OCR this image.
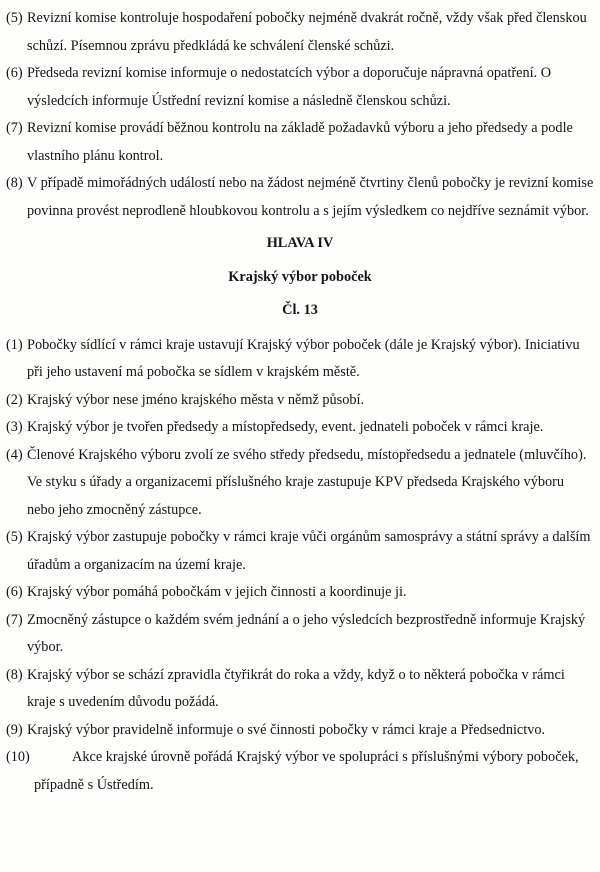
(5) Revizní komise kontroluje hospodaření pobočky nejméně dvakrát ročně, vždy však před členskou schůzí. Písemnou zprávu předkládá ke schválení členské schůzi.
(6) Předseda revizní komise informuje o nedostatcích výbor a doporučuje nápravná opatření. O výsledcích informuje Ústřední revizní komise a následně členskou schůzi.
(7) Revizní komise provádí běžnou kontrolu na základě požadavků výboru a jeho předsedy a podle vlastního plánu kontrol.
(8) V případě mimořádných událostí nebo na žádost nejméně čtvrtiny členů pobočky je revizní komise povinna provést neprodleně hloubkovou kontrolu a s jejím výsledkem co nejdříve seznámit výbor.
HLAVA IV
Krajský výbor poboček
Čl. 13
(1) Pobočky sídlící v rámci kraje ustavují Krajský výbor poboček (dále je Krajský výbor). Iniciativu při jeho ustavení má pobočka se sídlem v krajském městě.
(2) Krajský výbor nese jméno krajského města v němž působí.
(3) Krajský výbor je tvořen předsedy a místopředsedy, event. jednateli poboček v rámci kraje.
(4) Členové Krajského výboru zvolí ze svého středy předsedu, místopředsedu a jednatele (mluvčího). Ve styku s úřady a organizacemi příslušného kraje zastupuje KPV předseda Krajského výboru nebo jeho zmocněný zástupce.
(5) Krajský výbor zastupuje pobočky v rámci kraje vůči orgánům samosprávy a státní správy a dalším úřadům a organizacím na území kraje.
(6) Krajský výbor pomáhá pobočkám v jejich činnosti a koordinuje ji.
(7) Zmocněný zástupce o každém svém jednání a o jeho výsledcích bezprostředně informuje Krajský výbor.
(8) Krajský výbor se schází zpravidla čtyřikrát do roka a vždy, když o to některá pobočka v rámci kraje s uvedením důvodu požádá.
(9) Krajský výbor pravidelně informuje o své činnosti pobočky v rámci kraje a Předsednictvo.
(10)	Akce krajské úrovně pořádá Krajský výbor ve spolupráci s příslušnými výbory poboček, případně s Ústředím.
